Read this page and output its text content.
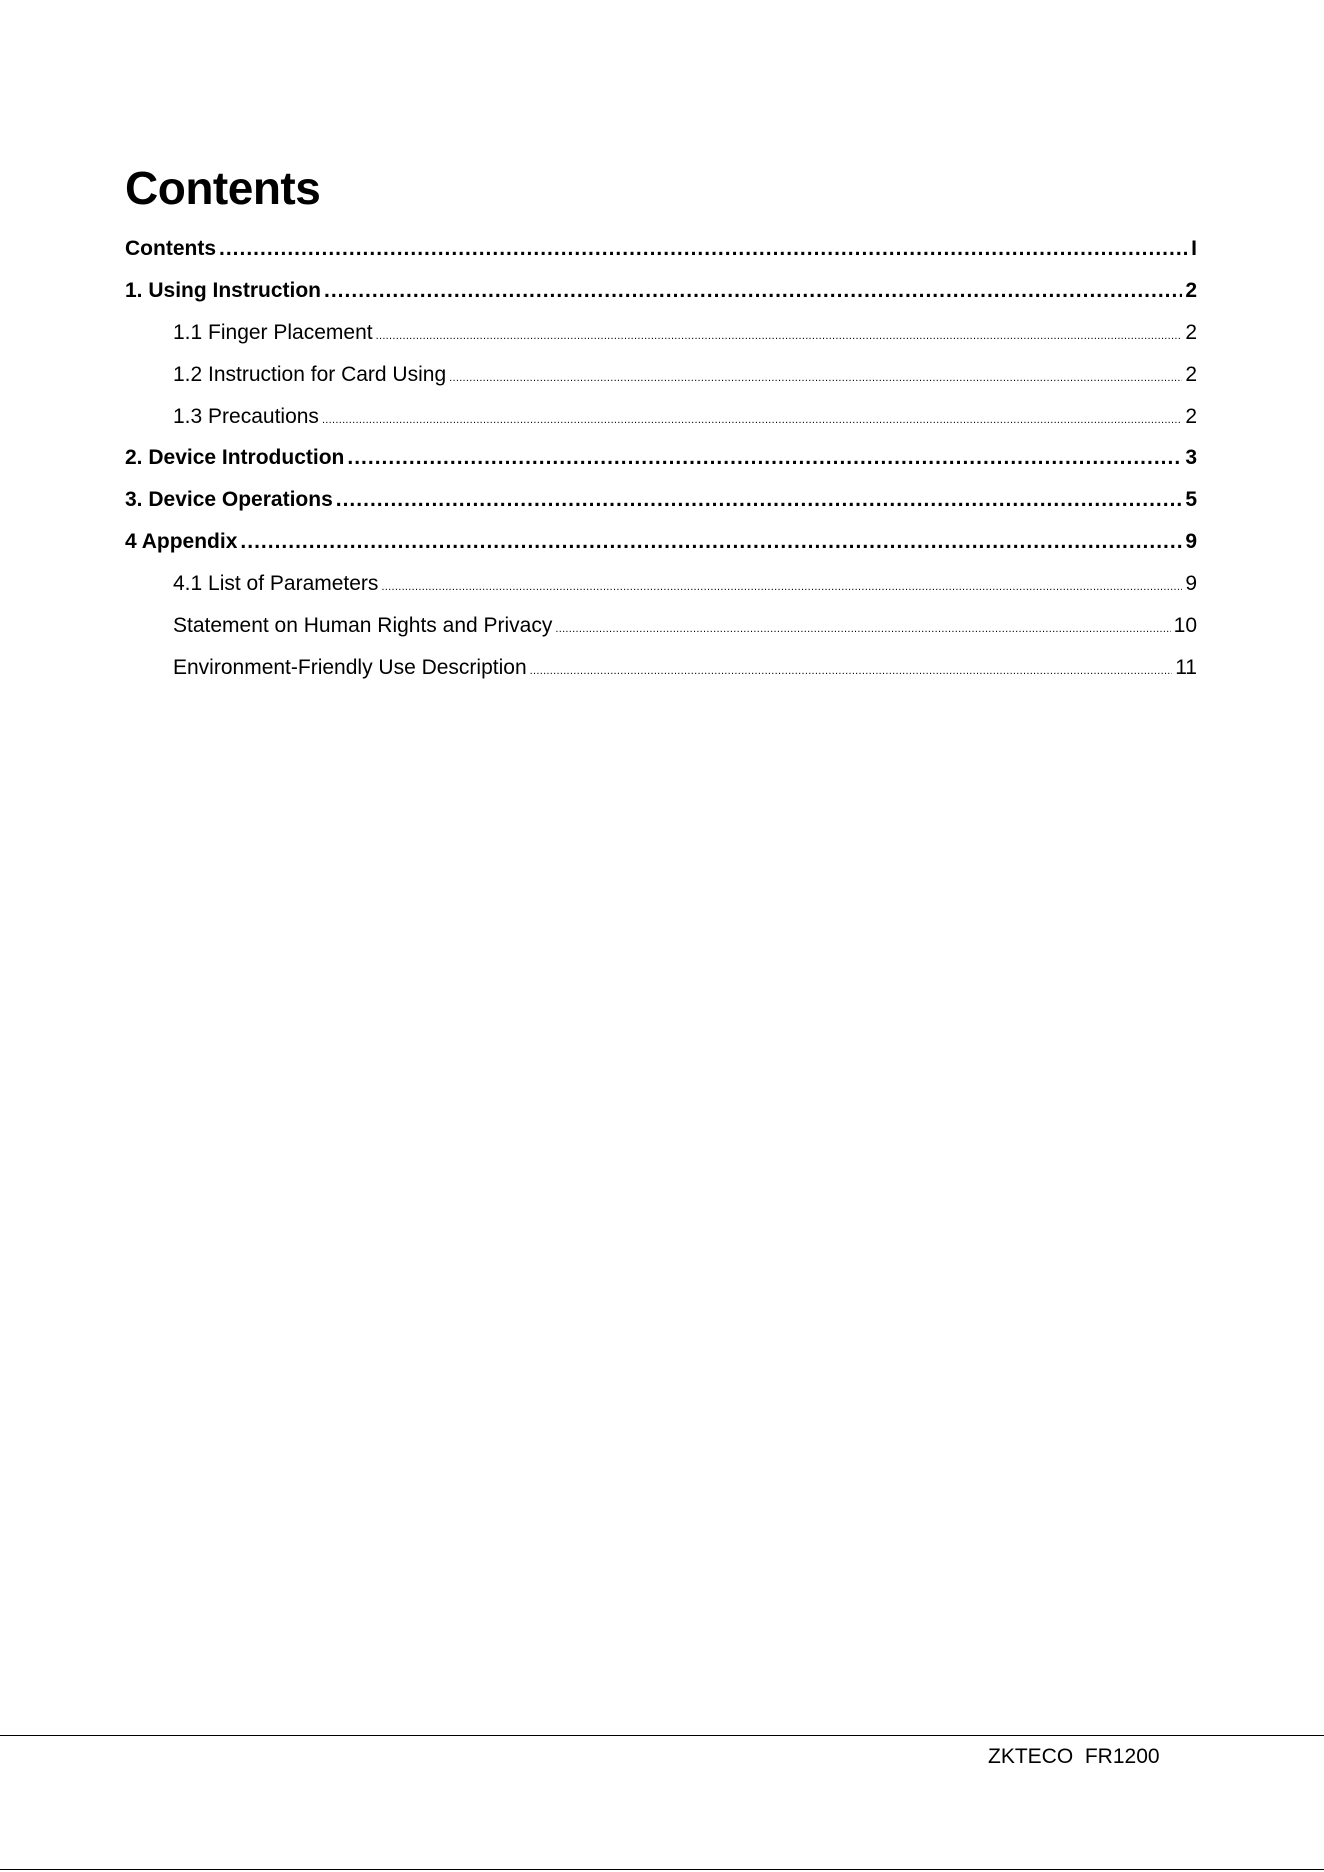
Contents
Contents .....	I
1. Using Instruction .....	2
1.1 Finger Placement .....	2
1.2 Instruction for Card Using .....	2
1.3 Precautions .....	2
2. Device Introduction .....	3
3. Device Operations .....	5
4 Appendix .....	9
4.1 List of Parameters .....	9
Statement on Human Rights and Privacy .....	10
Environment-Friendly Use Description .....	11
ZKTECO  FR1200
